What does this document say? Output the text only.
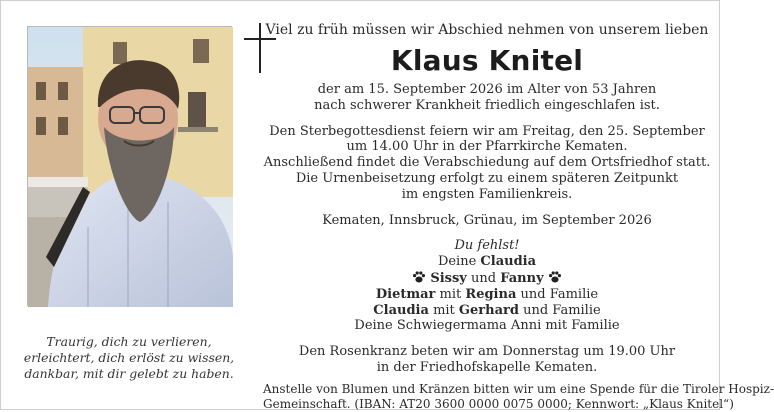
Traurig, dich zu verlieren,
erleichtert, dich erlöst zu wissen,
dankbar, mit dir gelebt zu haben.
Viel zu früh müssen wir Abschied nehmen von unserem lieben
Klaus Knitel
der am 15. September 2026 im Alter von 53 Jahren
nach schwerer Krankheit friedlich eingeschlafen ist.
Den Sterbegottesdienst feiern wir am Freitag, den 25. September
um 14.00 Uhr in der Pfarrkirche Kematen.
Anschließend findet die Verabschiedung auf dem Ortsfriedhof statt.
Die Urnenbeisetzung erfolgt zu einem späteren Zeitpunkt
im engsten Familienkreis.
Kematen, Innsbruck, Grünau, im September 2026
Du fehlst!
Deine Claudia
Sissy und Fanny
Dietmar mit Regina und Familie
Claudia mit Gerhard und Familie
Deine Schwiegermama Anni mit Familie
Den Rosenkranz beten wir am Donnerstag um 19.00 Uhr
in der Friedhofskapelle Kematen.
Anstelle von Blumen und Kränzen bitten wir um eine Spende für die Tiroler Hospiz-
Gemeinschaft. (IBAN: AT20 3600 0000 0075 0000; Kennwort: „Klaus Knitel“)
